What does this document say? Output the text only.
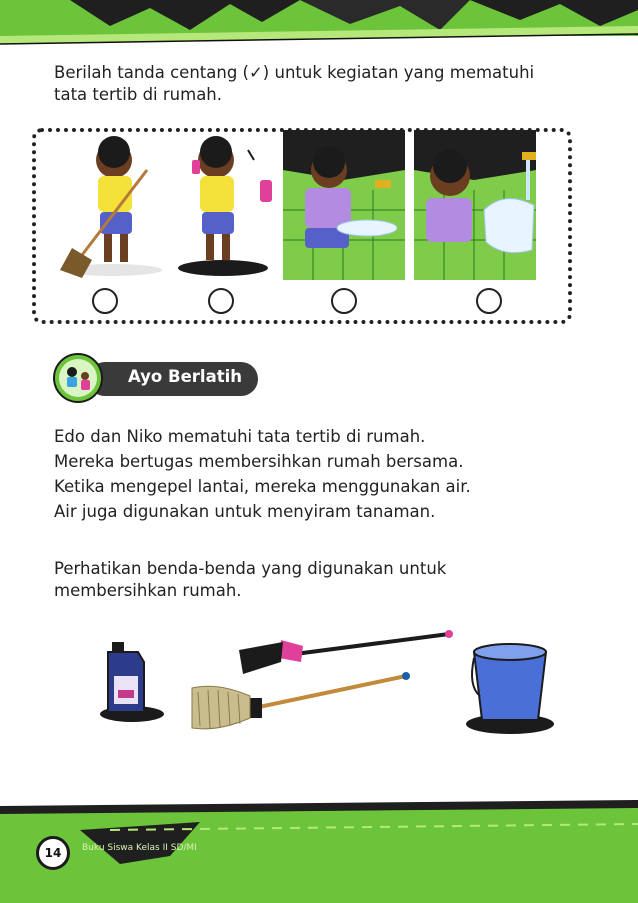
Berilah tanda centang (✓) untuk kegiatan yang mematuhi
tata tertib di rumah.
Ayo Berlatih

Edo dan Niko mematuhi tata tertib di rumah.

Mereka bertugas membersihkan rumah bersama.

Ketika mengepel lantai, mereka menggunakan air.

Air juga digunakan untuk menyiram tanaman.

Perhatikan benda-benda yang digunakan untuk
membersihkan rumah.
14	Buku Siswa Kelas II SD/MI
